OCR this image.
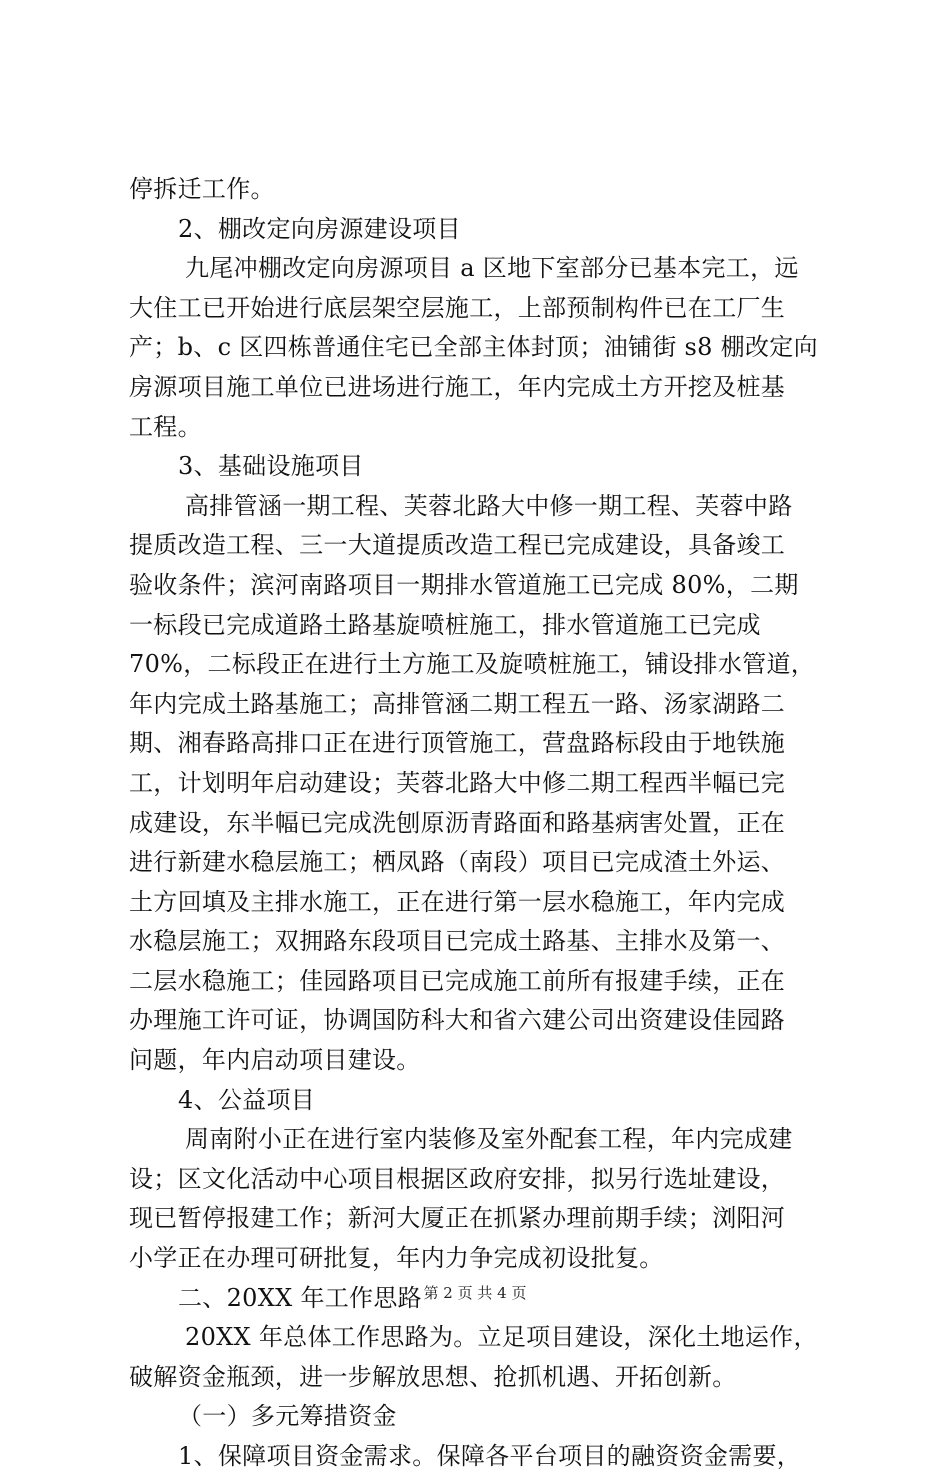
停拆迁工作。
2、棚改定向房源建设项目
九尾冲棚改定向房源项目 a 区地下室部分已基本完工，远
大住工已开始进行底层架空层施工，上部预制构件已在工厂生
产；b、c 区四栋普通住宅已全部主体封顶；油铺街 s8 棚改定向
房源项目施工单位已进场进行施工，年内完成土方开挖及桩基
工程。
3、基础设施项目
高排管涵一期工程、芙蓉北路大中修一期工程、芙蓉中路
提质改造工程、三一大道提质改造工程已完成建设，具备竣工
验收条件；滨河南路项目一期排水管道施工已完成 80%，二期
一标段已完成道路土路基旋喷桩施工，排水管道施工已完成
70%，二标段正在进行土方施工及旋喷桩施工，铺设排水管道，
年内完成土路基施工；高排管涵二期工程五一路、汤家湖路二
期、湘春路高排口正在进行顶管施工，营盘路标段由于地铁施
工，计划明年启动建设；芙蓉北路大中修二期工程西半幅已完
成建设，东半幅已完成洗刨原沥青路面和路基病害处置，正在
进行新建水稳层施工；栖凤路（南段）项目已完成渣土外运、
土方回填及主排水施工，正在进行第一层水稳施工，年内完成
水稳层施工；双拥路东段项目已完成土路基、主排水及第一、
二层水稳施工；佳园路项目已完成施工前所有报建手续，正在
办理施工许可证，协调国防科大和省六建公司出资建设佳园路
问题，年内启动项目建设。
4、公益项目
周南附小正在进行室内装修及室外配套工程，年内完成建
设；区文化活动中心项目根据区政府安排，拟另行选址建设，
现已暂停报建工作；新河大厦正在抓紧办理前期手续；浏阳河
小学正在办理可研批复，年内力争完成初设批复。
二、20XX 年工作思路
20XX 年总体工作思路为。立足项目建设，深化土地运作，
破解资金瓶颈，进一步解放思想、抢抓机遇、开拓创新。
（一）多元筹措资金
1、保障项目资金需求。保障各平台项目的融资资金需要，
第 2 页 共 4 页
